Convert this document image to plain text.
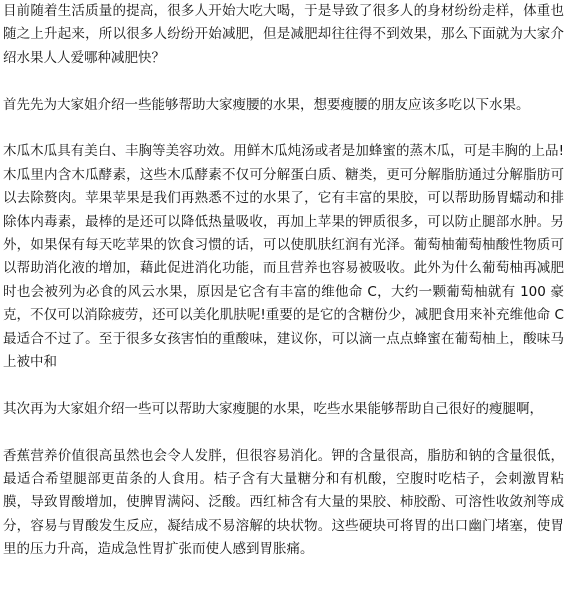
目前随着生活质量的提高，很多人开始大吃大喝，于是导致了很多人的身材纷纷走样，体重也随之上升起来，所以很多人纷纷开始减肥，但是减肥却往往得不到效果，那么下面就为大家介绍水果人人爱哪种减肥快？

首先先为大家姐介绍一些能够帮助大家瘦腰的水果，想要瘦腰的朋友应该多吃以下水果。

木瓜木瓜具有美白、丰胸等美容功效。用鲜木瓜炖汤或者是加蜂蜜的蒸木瓜，可是丰胸的上品!木瓜里内含木瓜酵素，这些木瓜酵素不仅可分解蛋白质、糖类，更可分解脂肪通过分解脂肪可以去除赘肉。苹果苹果是我们再熟悉不过的水果了，它有丰富的果胶，可以帮助肠胃蠕动和排除体内毒素，最棒的是还可以降低热量吸收，再加上苹果的钾质很多，可以防止腿部水肿。另外，如果保有每天吃苹果的饮食习惯的话，可以使肌肤红润有光泽。葡萄柚葡萄柚酸性物质可以帮助消化液的增加，藉此促进消化功能，而且营养也容易被吸收。此外为什么葡萄柚再减肥时也会被列为必食的风云水果，原因是它含有丰富的维他命 C，大约一颗葡萄柚就有 100 豪克，不仅可以消除疲劳，还可以美化肌肤呢!重要的是它的含糖份少，减肥食用来补充维他命 C 最适合不过了。至于很多女孩害怕的重酸味，建议你，可以滴一点点蜂蜜在葡萄柚上，酸味马上被中和

其次再为大家姐介绍一些可以帮助大家瘦腿的水果，吃些水果能够帮助自己很好的瘦腿啊，

香蕉营养价值很高虽然也会令人发胖，但很容易消化。钾的含量很高，脂肪和钠的含量很低，最适合希望腿部更苗条的人食用。桔子含有大量糖分和有机酸，空腹时吃桔子，会刺激胃粘膜，导致胃酸增加，使脾胃满闷、泛酸。西红柿含有大量的果胶、柿胶酚、可溶性收敛剂等成分，容易与胃酸发生反应，凝结成不易溶解的块状物。这些硬块可将胃的出口幽门堵塞，使胃里的压力升高，造成急性胃扩张而使人感到胃胀痛。
